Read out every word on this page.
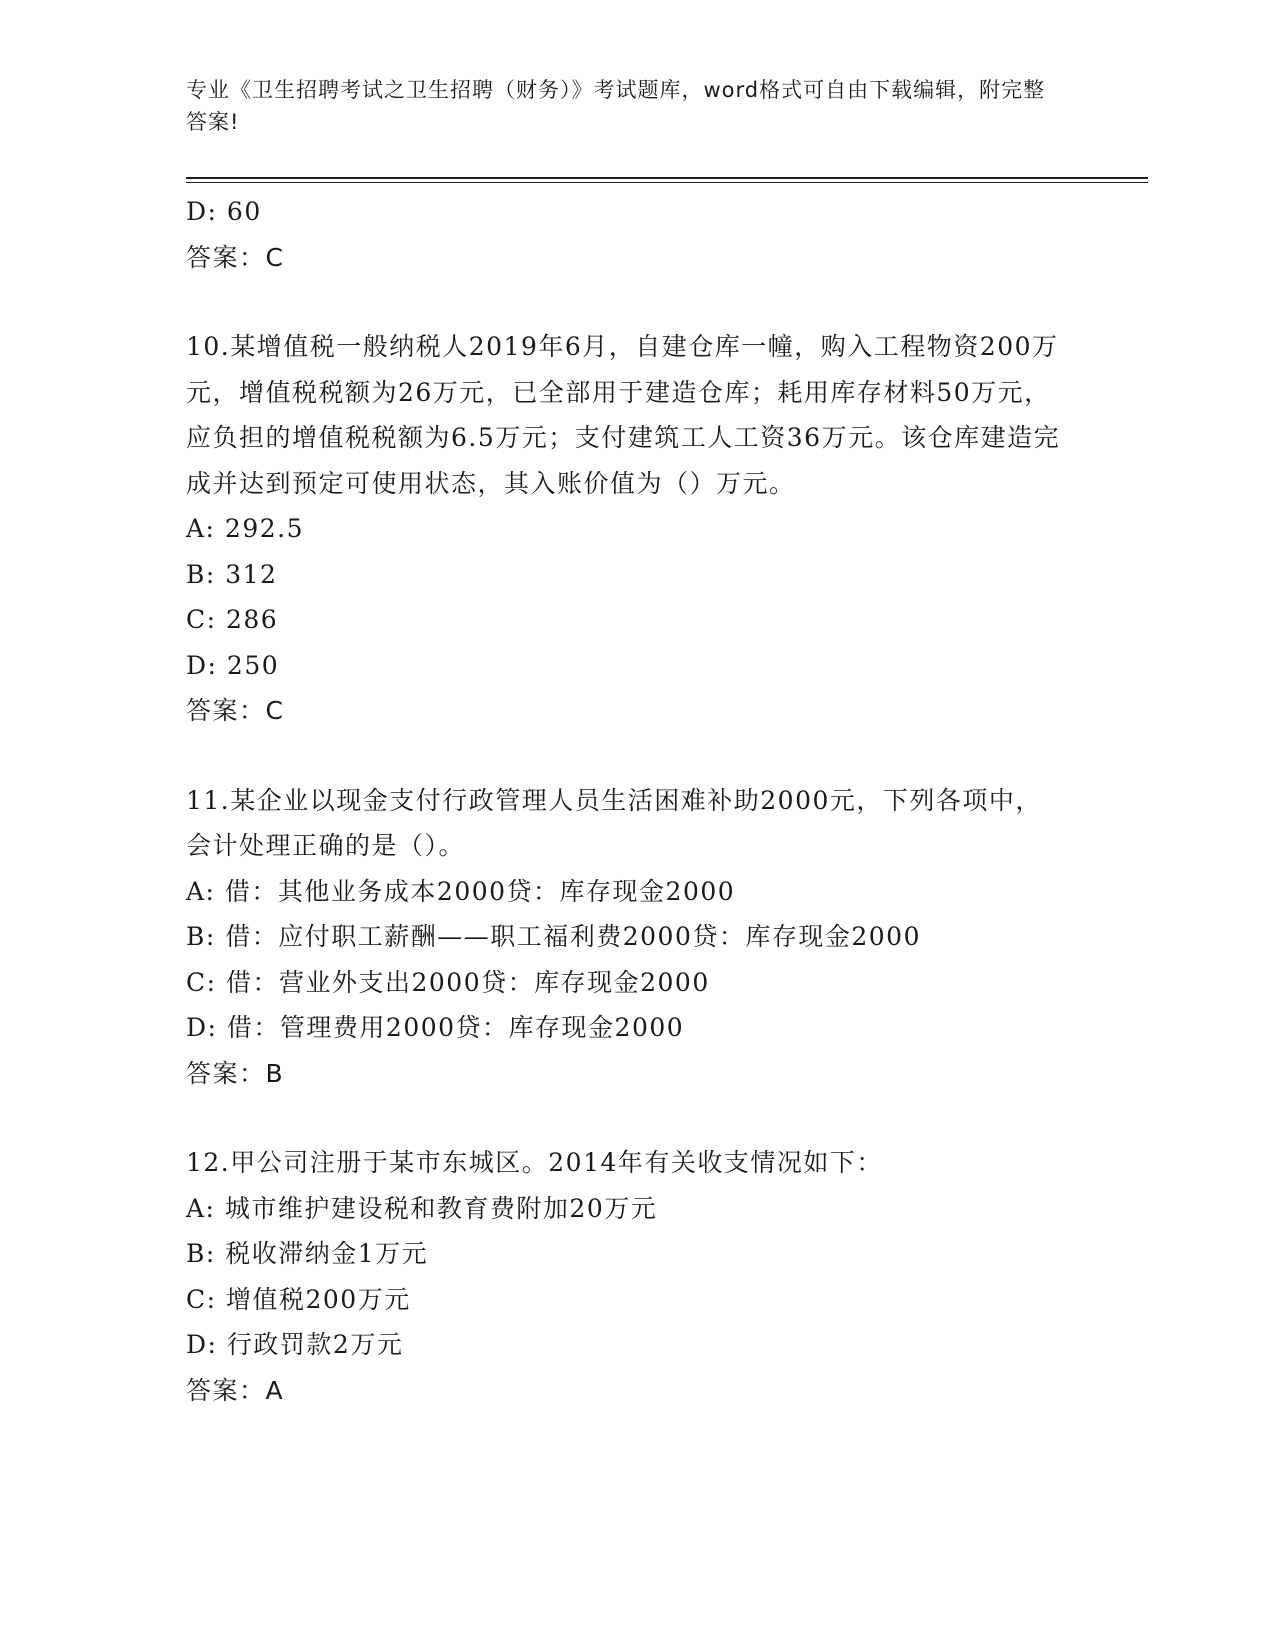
专业《卫生招聘考试之卫生招聘（财务）》考试题库，word格式可自由下载编辑，附完整答案!
D: 60
答案：C
10.某增值税一般纳税人2019年6月，自建仓库一幢，购入工程物资200万元，增值税税额为26万元，已全部用于建造仓库；耗用库存材料50万元，应负担的增值税税额为6.5万元；支付建筑工人工资36万元。该仓库建造完成并达到预定可使用状态，其入账价值为（）万元。
A: 292.5
B: 312
C: 286
D: 250
答案：C
11.某企业以现金支付行政管理人员生活困难补助2000元，下列各项中，会计处理正确的是（）。
A: 借：其他业务成本2000贷：库存现金2000
B: 借：应付职工薪酬——职工福利费2000贷：库存现金2000
C: 借：营业外支出2000贷：库存现金2000
D: 借：管理费用2000贷：库存现金2000
答案：B
12.甲公司注册于某市东城区。2014年有关收支情况如下：
A: 城市维护建设税和教育费附加20万元
B: 税收滞纳金1万元
C: 增值税200万元
D: 行政罚款2万元
答案：A
